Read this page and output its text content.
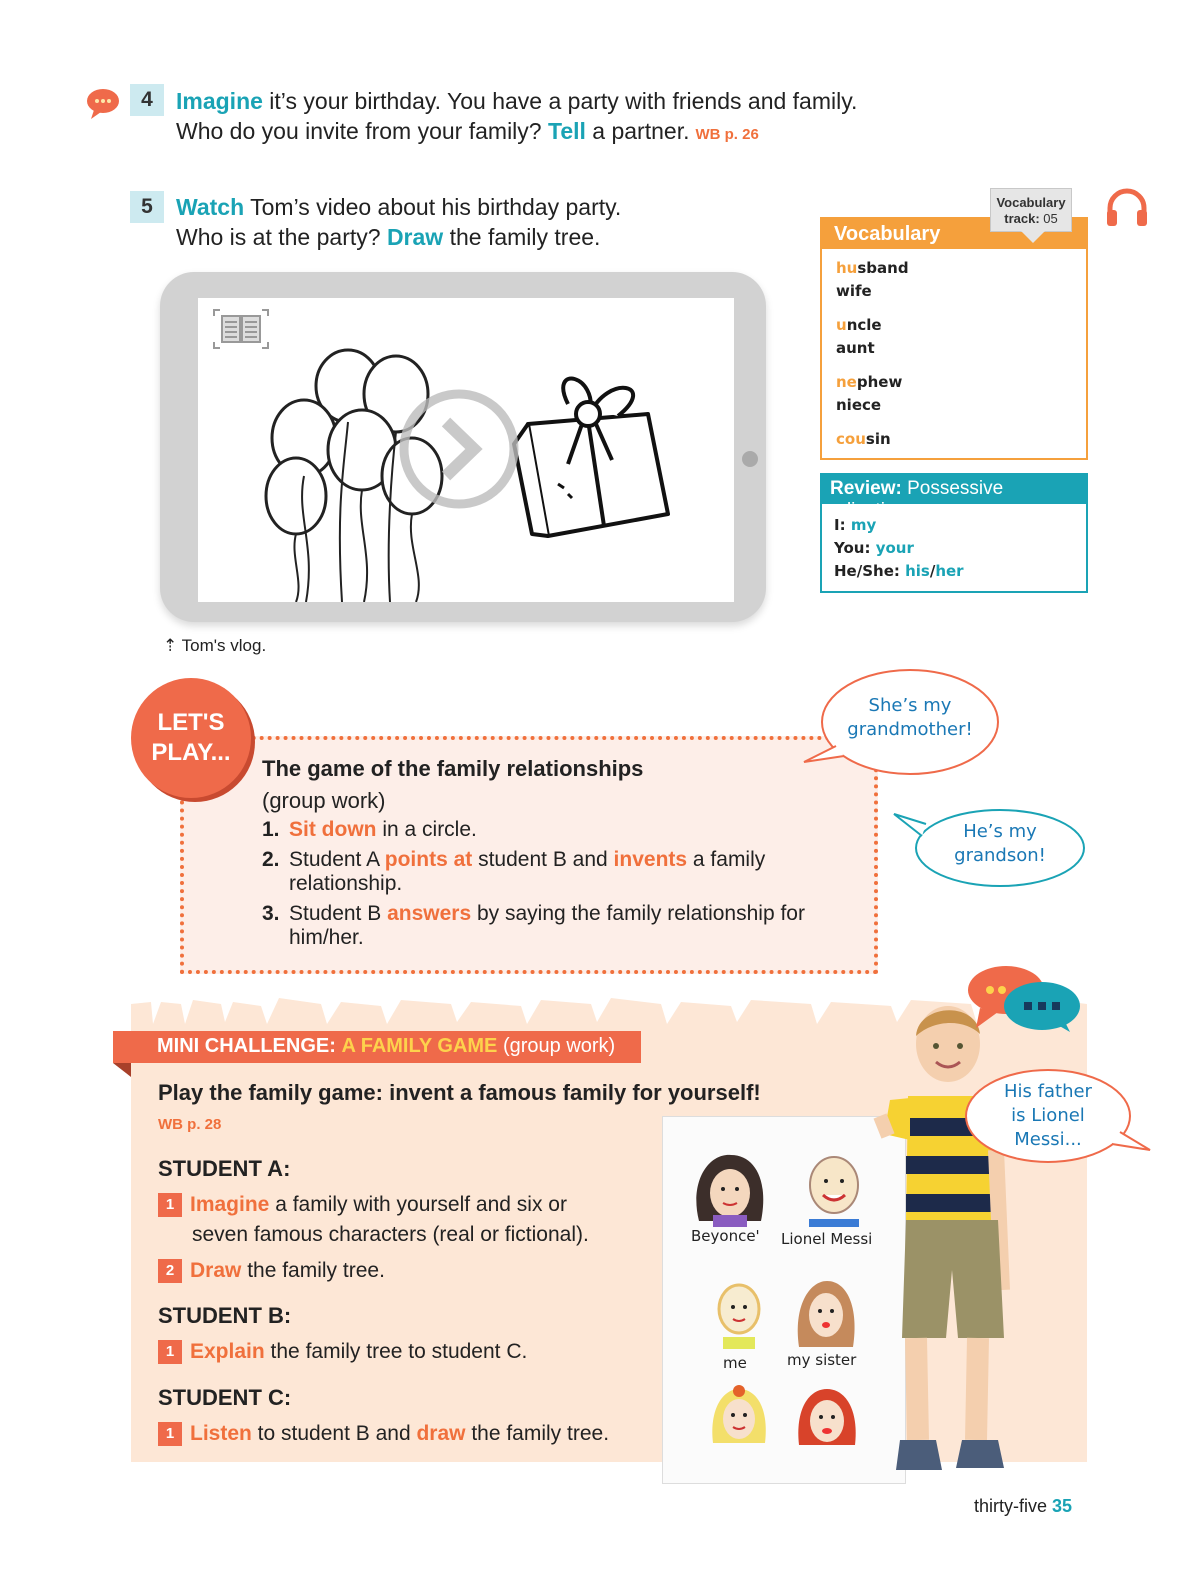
4	Imagine it’s your birthday. You have a party with friends and family.
Who do you invite from your family? Tell a partner. WB p. 26
5	Watch Tom’s video about his birthday party.
Who is at the party? Draw the family tree.
⇡ Tom's vlog.
Vocabulary
husband
wife
uncle
aunt
nephew
niece
cousin
Vocabulary
track: 05
Review: Possessive adjectives
I: my
You: your
He/She: his/her
LET'S
PLAY...
The game of the family relationships
(group work)
1. Sit down in a circle.
2. Student A points at student B and invents a family relationship.
3. Student B answers by saying the family relationship for him/her.
She’s my
grandmother!
He’s my
grandson!
MINI CHALLENGE: A FAMILY GAME (group work)
Play the family game: invent a famous family for yourself!
WB p. 28
STUDENT A:
1 Imagine a family with yourself and six or
seven famous characters (real or fictional).
2 Draw the family tree.
STUDENT B:
1 Explain the family tree to student C.
STUDENT C:
1 Listen to student B and draw the family tree.
Beyonce' Lionel Messi
me	my sister
His father
is Lionel
Messi...
thirty-five 35
